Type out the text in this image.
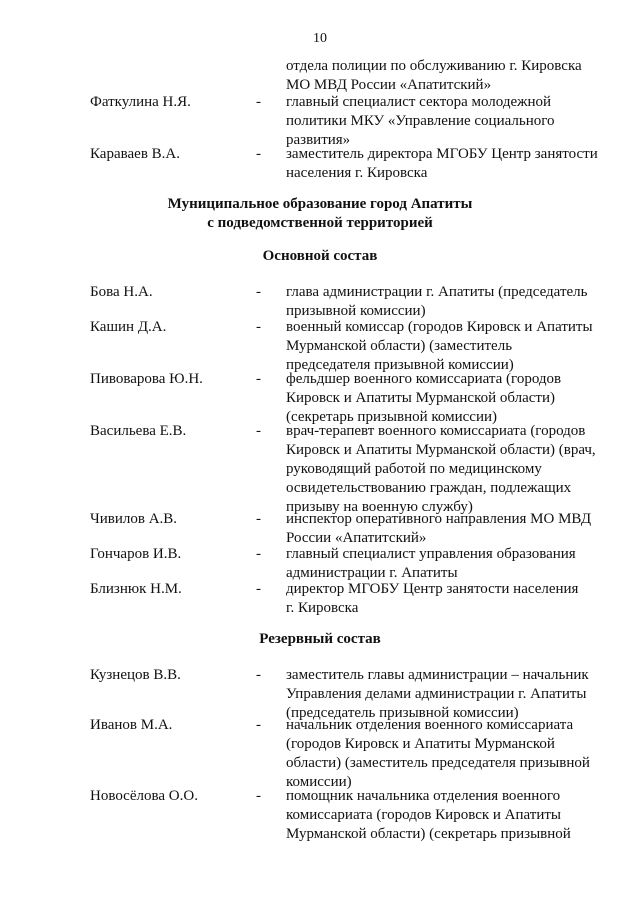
10
отдела полиции по обслуживанию г. Кировска
МО МВД России «Апатитский»
Фаткулина Н.Я.	- главный специалист сектора молодежной
политики МКУ «Управление социального
развития»
Караваев В.А.	- заместитель директора МГОБУ Центр занятости
населения г. Кировска
Муниципальное образование город Апатиты
с подведомственной территорией
Основной состав
Бова Н.А.	- глава администрации г. Апатиты (председатель
призывной комиссии)
Кашин Д.А.	- военный комиссар (городов Кировск и Апатиты
Мурманской области) (заместитель
председателя призывной комиссии)
Пивоварова Ю.Н.	- фельдшер военного комиссариата (городов
Кировск и Апатиты Мурманской области)
(секретарь призывной комиссии)
Васильева Е.В.	- врач-терапевт военного комиссариата (городов
Кировск и Апатиты Мурманской области) (врач,
руководящий работой по медицинскому
освидетельствованию граждан, подлежащих
призыву на военную службу)
Чивилов А.В.	- инспектор оперативного направления МО МВД
России «Апатитский»
Гончаров И.В.	- главный специалист управления образования
администрации г. Апатиты
Близнюк Н.М.	- директор МГОБУ Центр занятости населения
г. Кировска
Резервный состав
Кузнецов В.В.	- заместитель главы администрации – начальник
Управления делами администрации г. Апатиты
(председатель призывной комиссии)
Иванов М.А.	- начальник отделения военного комиссариата
(городов Кировск и Апатиты Мурманской
области) (заместитель председателя призывной
комиссии)
Новосёлова О.О.	- помощник начальника отделения военного
комиссариата (городов Кировск и Апатиты
Мурманской области) (секретарь призывной
